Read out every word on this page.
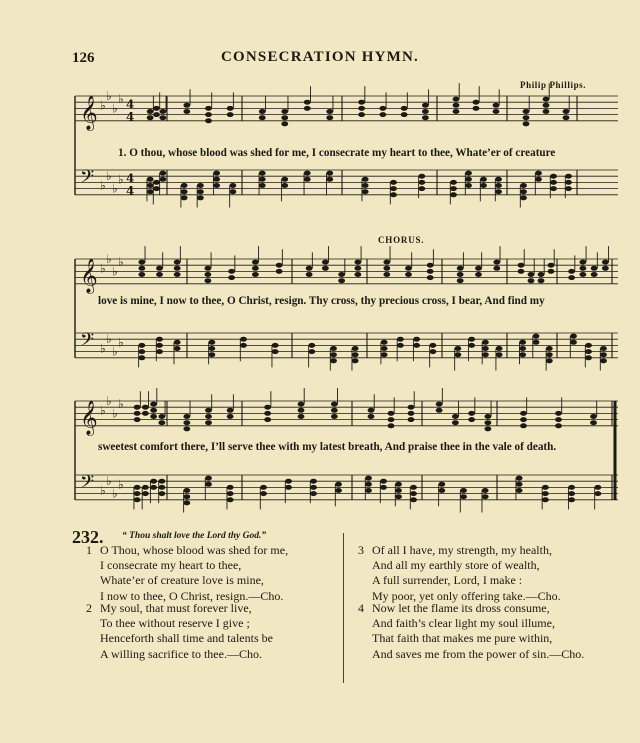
126	CONSECRATION HYMN.
Philip Phillips.
𝄞 ♭
♭
♭
♭ 4
4
𝄢 ♭
♭
♭
♭ 4
4
1. O thou, whose blood was shed for me, I consecrate my heart to thee, Whate’er of creature
CHORUS.
𝄞 ♭
♭
♭
♭
𝄢 ♭
♭
♭
♭
love is mine, I now to thee, O Christ, resign. Thy cross, thy precious cross, I bear, And find my
𝄞 ♭
♭
♭
♭
𝄢 ♭
♭
♭
♭
sweetest comfort there, I’ll serve thee with my latest breath, And praise thee in the vale of death.
232. “ Thou shalt love the Lord thy God.”
1 O Thou, whose blood was shed for me,
I consecrate my heart to thee,
Whate’er of creature love is mine,
I now to thee, O Christ, resign.—Cho.
2 My soul, that must forever live,
To thee without reserve I give ;
Henceforth shall time and talents be
A willing sacrifice to thee.—Cho.
3 Of all I have, my strength, my health,
And all my earthly store of wealth,
A full surrender, Lord, I make :
My poor, yet only offering take.—Cho.
4 Now let the flame its dross consume,
And faith’s clear light my soul illume,
That faith that makes me pure within,
And saves me from the power of sin.—Cho.
